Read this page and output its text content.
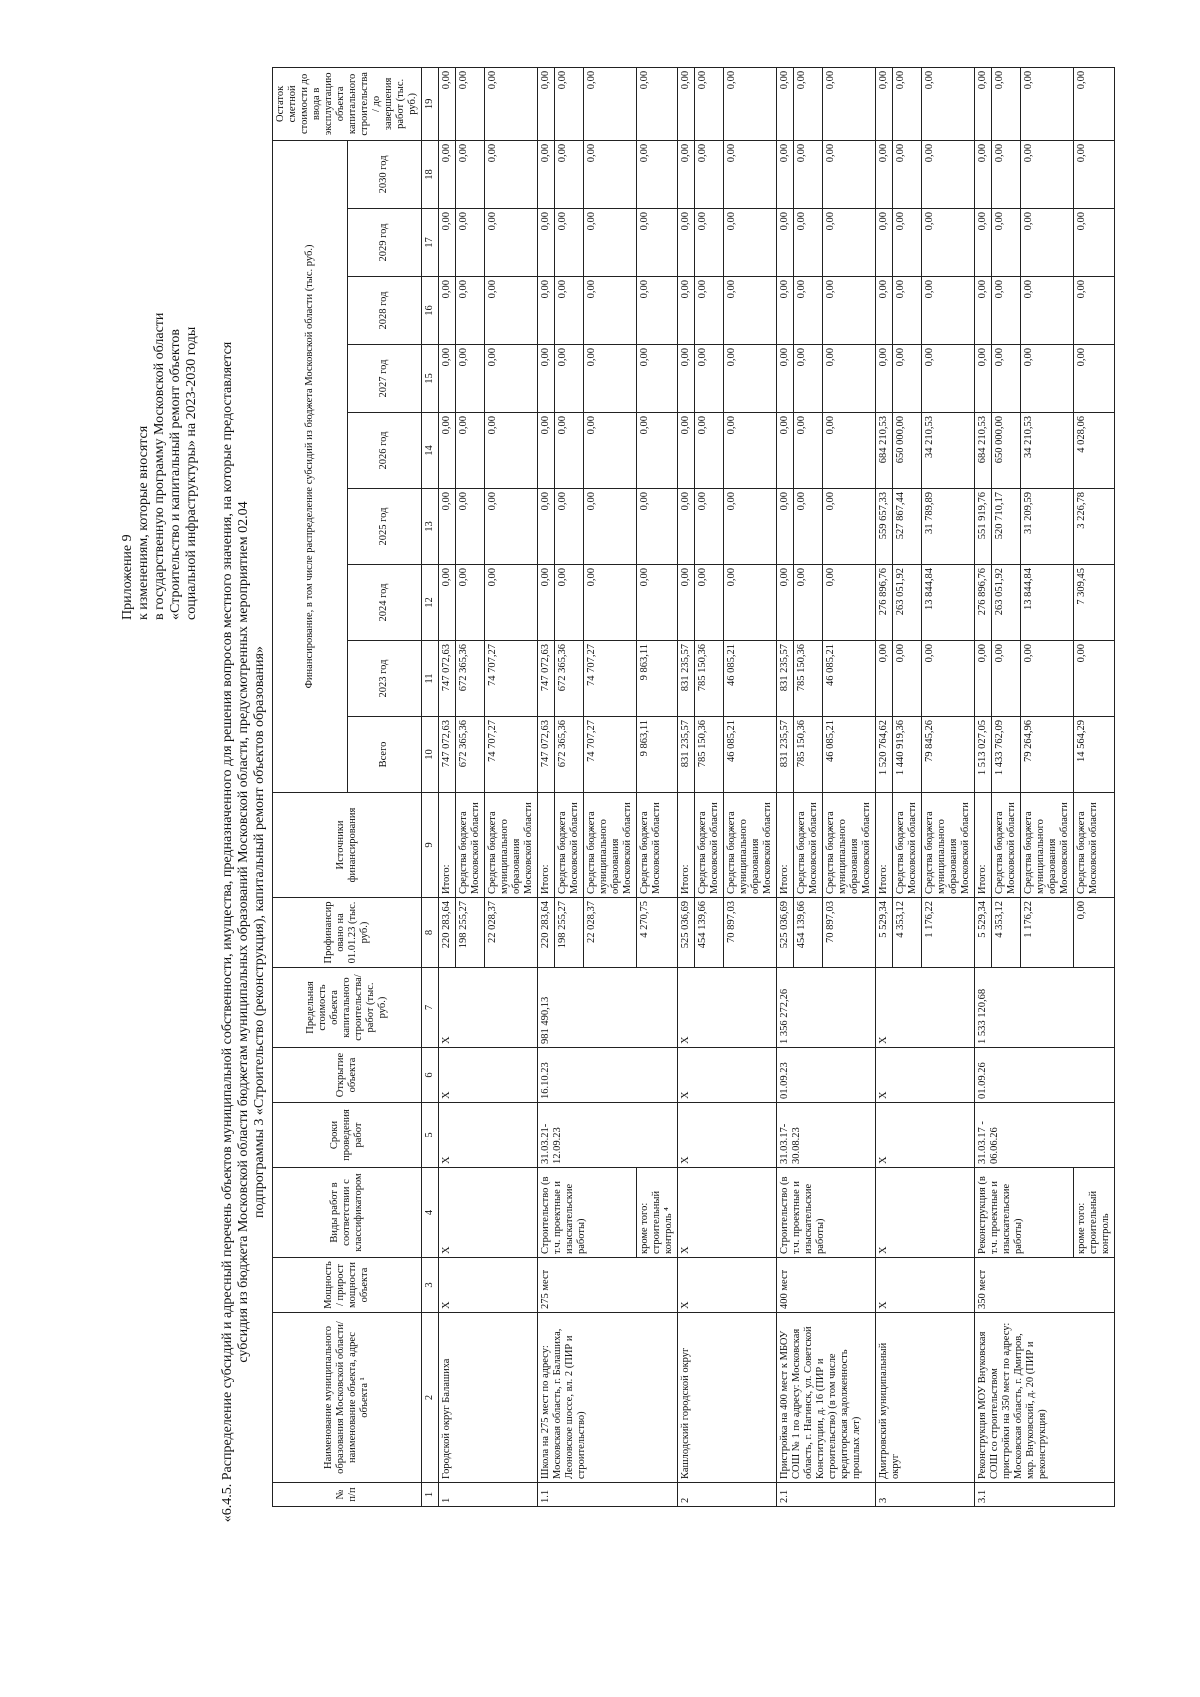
Приложение 9 к изменениям, которые вносятся в государственную программу Московской области «Строительство и капитальный ремонт объектов социальной инфраструктуры» на 2023-2030 годы «6.4.5. Распределение субсидий и адресный перечень объектов муниципальной собственности, имущества, предназначенного для решения вопросов местного значения, на которые предоставляется субсидия из бюджета Московской области бюджетам муниципальных образований Московской области, предусмотренных мероприятием 02.04 подпрограммы 3 «Строительство (реконструкция), капитальный ремонт объектов образования»
№ п/п	Наименование муниципального образования Московской области/ наименование объекта, адрес объекта ¹	Мощность/ прирост мощности объекта	Виды работ в соответствии с классификатором	Сроки проведения работ	Открытие объекта	Предельная стоимость объекта капитального строительства/ работ (тыс. руб.)	Профинансировано на 01.01.23 (тыс. руб.)	Источники финансирования	Финансирование, в том числе распределение субсидий из бюджета Московской области (тыс. руб.)									Остаток сметной стоимости до ввода в эксплуатацию объекта капитального строительства/ до завершения работ (тыс. руб.)
									Всего	2023 год	2024 год	2025 год	2026 год	2027 год	2028 год	2029 год	2030 год	
1	2	3	4	5	6	7	8	9	10	11	12	13	14	15	16	17	18	19
1	Городской округ Балашиха	Х	Х	Х	Х	Х	220 283,64	Итого:	747 072,63	747 072,63	0,00	0,00	0,00	0,00	0,00	0,00	0,00	0,00
							198 255,27	Средства бюджета Московской области	672 365,36	672 365,36	0,00	0,00	0,00	0,00	0,00	0,00	0,00	0,00
							22 028,37	Средства бюджета муниципального образования Московской области	74 707,27	74 707,27	0,00	0,00	0,00	0,00	0,00	0,00	0,00	0,00
1.1	Школа на 275 мест по адресу: Московская область, г. Балашиха, Леоновское шоссе, вл. 2 (ПИР и строительство)	275 мест	Строительство (в т.ч. проектные и изыскательские работы)	31.03.21-12.09.23	16.10.23	981 490,13	220 283,64	Итого:	747 072,63	747 072,63	0,00	0,00	0,00	0,00	0,00	0,00	0,00	0,00
							198 255,27	Средства бюджета Московской области	672 365,36	672 365,36	0,00	0,00	0,00	0,00	0,00	0,00	0,00	0,00
							22 028,37	Средства бюджета муниципального образования Московской области	74 707,27	74 707,27	0,00	0,00	0,00	0,00	0,00	0,00	0,00	0,00
			кроме того: строительный контроль ⁴				4 270,75	Средства бюджета Московской области	9 863,11	9 863,11	0,00	0,00	0,00	0,00	0,00	0,00	0,00	0,00
2	Кашлодский городской округ	Х	Х	Х	Х	Х	525 036,69	Итого:	831 235,57	831 235,57	0,00	0,00	0,00	0,00	0,00	0,00	0,00	0,00
							454 139,66	Средства бюджета Московской области	785 150,36	785 150,36	0,00	0,00	0,00	0,00	0,00	0,00	0,00	0,00
							70 897,03	Средства бюджета муниципального образования Московской области	46 085,21	46 085,21	0,00	0,00	0,00	0,00	0,00	0,00	0,00	0,00
2.1	Пристройка на 400 мест к МБОУ СОШ № 1 по адресу: Московская область, г. Нагинск, ул. Советской Конституции, д. 16 (ПИР и строительство) (в том числе кредиторская задолженность прошлых лет)	400 мест	Строительство (в т.ч. проектные и изыскательские работы)	31.03.17-30.08.23	01.09.23	1 356 272,26	525 036,69	Итого:	831 235,57	831 235,57	0,00	0,00	0,00	0,00	0,00	0,00	0,00	0,00
							454 139,66	Средства бюджета Московской области	785 150,36	785 150,36	0,00	0,00	0,00	0,00	0,00	0,00	0,00	0,00
							70 897,03	Средства бюджета муниципального образования Московской области	46 085,21	46 085,21	0,00	0,00	0,00	0,00	0,00	0,00	0,00	0,00
3	Дмитровский муниципальный округ	Х	Х	Х	Х	Х	5 529,34	Итого:	1 520 764,62	0,00	276 896,76	559 657,33	684 210,53	0,00	0,00	0,00	0,00	0,00
							4 353,12	Средства бюджета Московской области	1 440 919,36	0,00	263 051,92	527 867,44	650 000,00	0,00	0,00	0,00	0,00	0,00
							1 176,22	Средства бюджета муниципального образования Московской области	79 845,26	0,00	13 844,84	31 789,89	34 210,53	0,00	0,00	0,00	0,00	0,00
3.1	Реконструкция МОУ Внуковская СОШ со строительством пристройки на 350 мест по адресу: Московская область, г. Дмитров, мкр. Внуковский, д. 20 (ПИР и реконструкция)	350 мест	Реконструкция (в т.ч. проектные и изыскательские работы)	31.03.17 - 06.06.26	01.09.26	1 533 120,68	5 529,34	Итого:	1 513 027,05	0,00	276 896,76	551 919,76	684 210,53	0,00	0,00	0,00	0,00	0,00
							4 353,12	Средства бюджета Московской области	1 433 762,09	0,00	263 051,92	520 710,17	650 000,00	0,00	0,00	0,00	0,00	0,00
							1 176,22	Средства бюджета муниципального образования Московской области	79 264,96	0,00	13 844,84	31 209,59	34 210,53	0,00	0,00	0,00	0,00	0,00
			кроме того: строительный контроль				0,00	Средства бюджета Московской области	14 564,29	0,00	7 309,45	3 226,78	4 028,06	0,00	0,00	0,00	0,00	0,00
